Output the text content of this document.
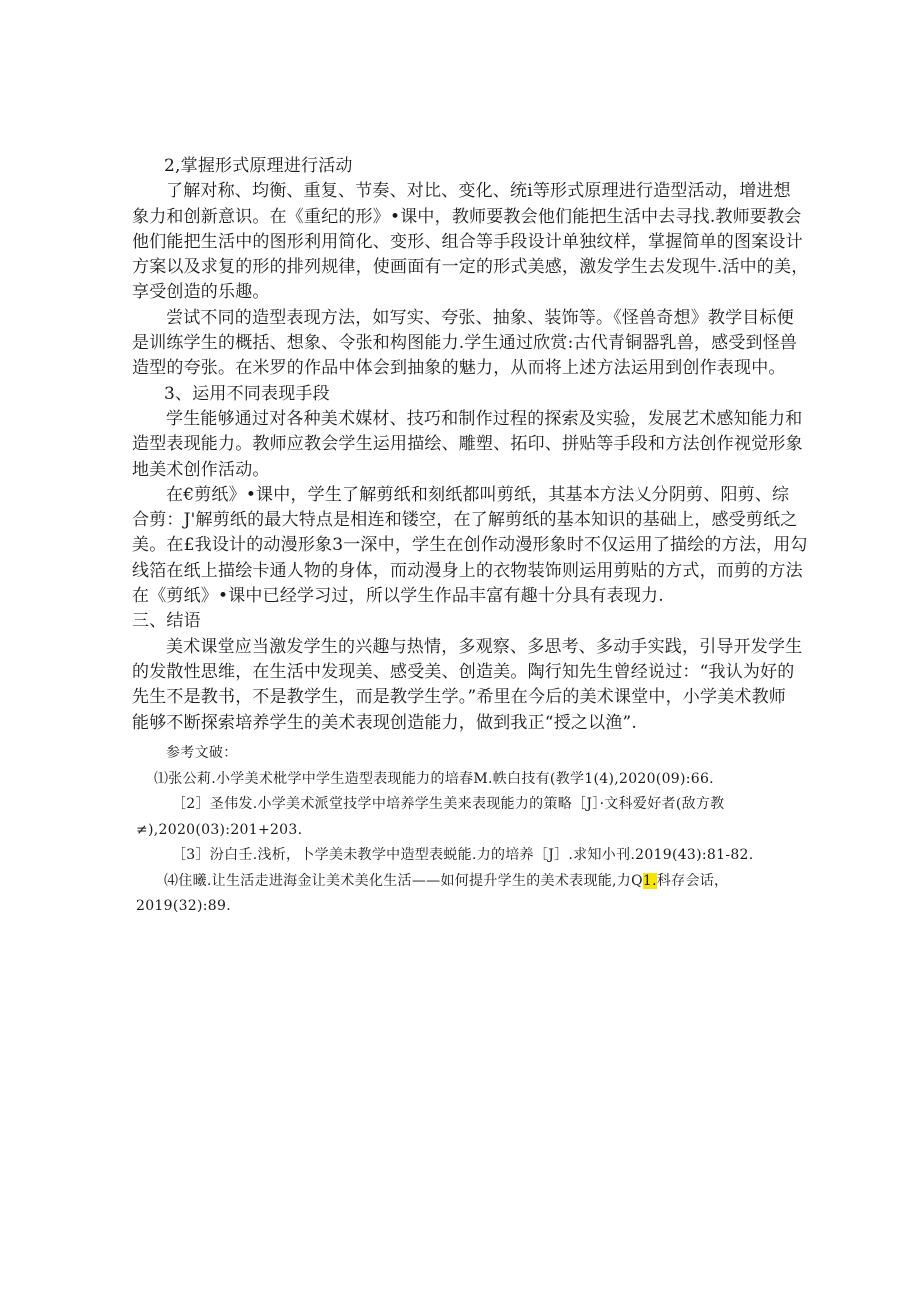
2,掌握形式原理进行活动
了解对称、均衡、重复、节奏、对比、变化、统i等形式原理进行造型活动，增进想
象力和创新意识。在《重纪的形》•课中，教师要教会他们能把生活中去寻找.教师要教会
他们能把生活中的图形利用简化、变形、组合等手段设计单独纹样，掌握简单的图案设计
方案以及求复的形的排列规律，使画面有一定的形式美感，激发学生去发现牛.活中的美，
享受创造的乐趣。
尝试不同的造型表现方法，如写实、夸张、抽象、装饰等。《怪兽奇想》教学目标便
是训练学生的概括、想象、令张和构图能力.学生通过欣赏:古代青铜器乳兽，感受到怪兽
造型的夸张。在米罗的作品中体会到抽象的魅力，从而将上述方法运用到创作表现中。
3、运用不同表现手段
学生能够通过对各种美术媒材、技巧和制作过程的探索及实验，发展艺术感知能力和
造型表现能力。教师应教会学生运用描绘、雕塑、拓印、拼贴等手段和方法创作视觉形象
地美术创作活动。
在€剪纸》•课中，学生了解剪纸和刻纸都叫剪纸，其基本方法乂分阴剪、阳剪、综
合剪：J'解剪纸的最大特点是相连和镂空，在了解剪纸的基本知识的基础上，感受剪纸之
美。在£我设计的动漫形象3一深中，学生在创作动漫形象时不仅运用了描绘的方法，用勾
线箔在纸上描绘卡通人物的身体，而动漫身上的衣物装饰则运用剪贴的方式，而剪的方法
在《剪纸》•课中已经学习过，所以学生作品丰富有趣十分具有表现力.
三、结语
美术课堂应当激发学生的兴趣与热情，多观察、多思考、多动手实践，引导开发学生
的发散性思维，在生活中发现美、感受美、创造美。陶行知先生曾经说过：“我认为好的
先生不是教书，不是教学生，而是教学生学。”希里在今后的美术课堂中，小学美术教师
能够不断探索培养学生的美术表现创造能力，做到我正“授之以渔”.
参考文破：
⑴张公莉.小学美术枇学中学生造型表现能力的培春M.帙白技有(教学1(4),2020(09):66.
［2］圣伟发.小学美术派堂技学中培养学生美来表现能力的策略［J］·文科爱好者(敌方教
≠),2020(03):201+203.
［3］汾白壬.浅析，卜学美未教学中造型表蜕能.力的培养［J］.求知小刊.2019(43):81-82.
⑷住曦.让生活走进海金让美术美化生活——如何提升学生的美术表现能,力Q1.科存会话，
2019(32):89.
